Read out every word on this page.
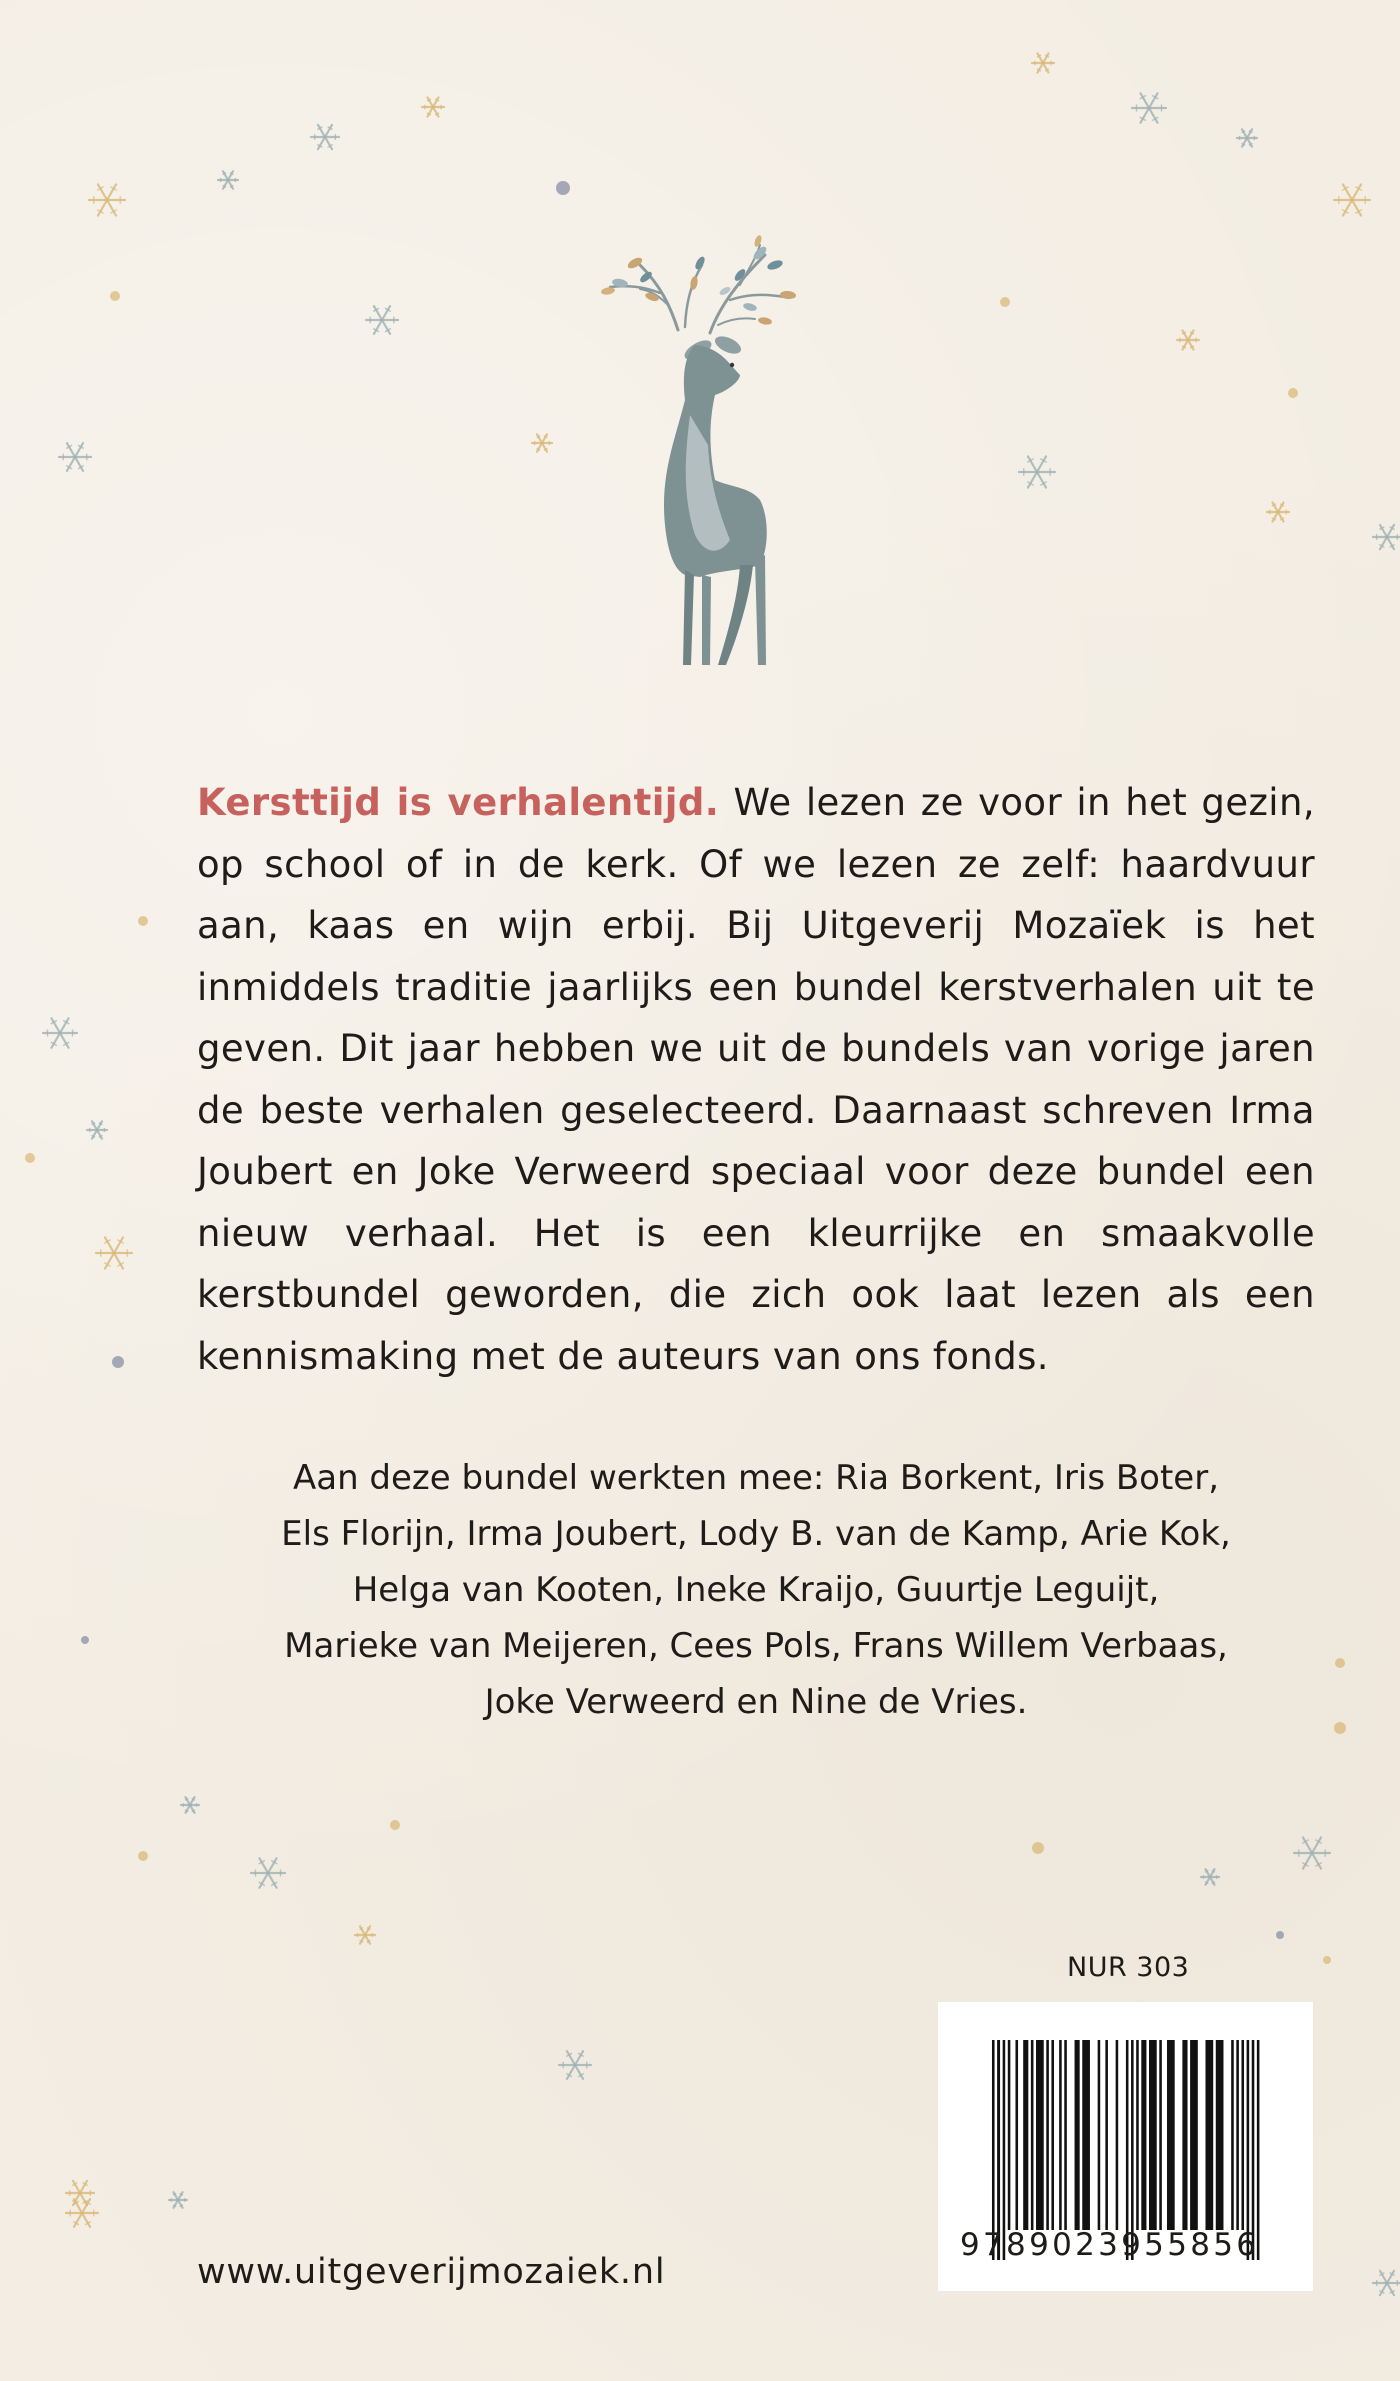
Kersttijd is verhalentijd. We lezen ze voor in het gezin, op school of in de kerk. Of we lezen ze zelf: haardvuur aan, kaas en wijn erbij. Bij Uitgeverij Mozaïek is het inmiddels traditie jaarlijks een bundel kerstverhalen uit te geven. Dit jaar hebben we uit de bundels van vorige jaren de beste verhalen geselecteerd. Daarnaast schreven Irma Joubert en Joke Verweerd speciaal voor deze bundel een nieuw verhaal. Het is een kleurrijke en smaakvolle kerstbundel geworden, die zich ook laat lezen als een kennismaking met de auteurs van ons fonds.
Aan deze bundel werkten mee: Ria Borkent, Iris Boter,
Els Florijn, Irma Joubert, Lody B. van de Kamp, Arie Kok,
Helga van Kooten, Ineke Kraijo, Guurtje Leguijt,
Marieke van Meijeren, Cees Pols, Frans Willem Verbaas,
Joke Verweerd en Nine de Vries.
NUR 303
9789023955856
www.uitgeverijmozaiek.nl
